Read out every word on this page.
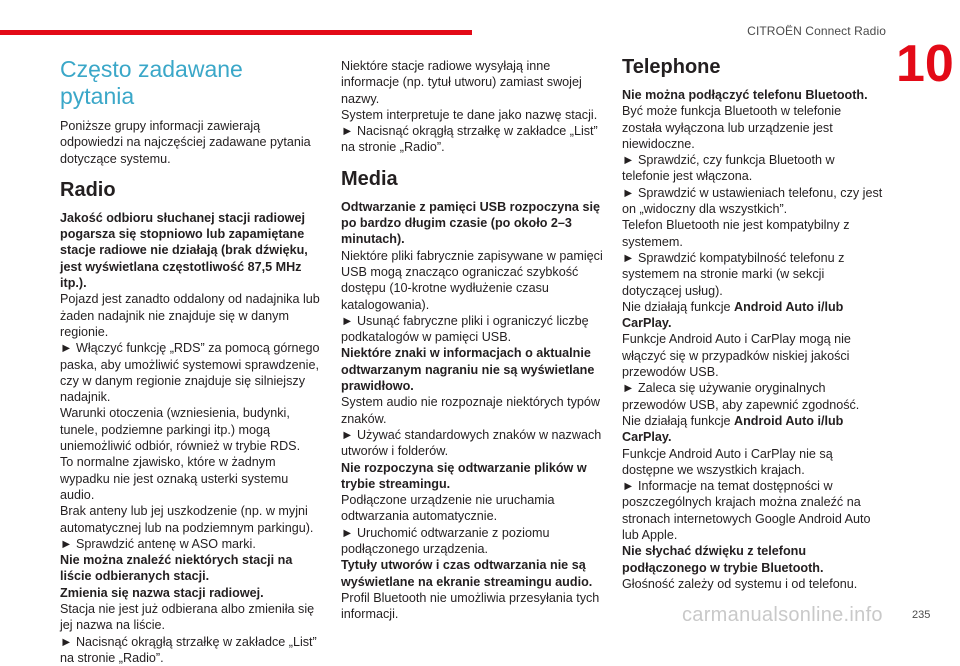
CITROËN Connect Radio
10
Często zadawane pytania

Poniższe grupy informacji zawierają odpowiedzi na najczęściej zadawane pytania dotyczące systemu.

Radio

Jakość odbioru słuchanej stacji radiowej pogarsza się stopniowo lub zapamiętane stacje radiowe nie działają (brak dźwięku, jest wyświetlana częstotliwość 87,5 MHz itp.).

Pojazd jest zanadto oddalony od nadajnika lub żaden nadajnik nie znajduje się w danym regionie.

► Włączyć funkcję „RDS” za pomocą górnego paska, aby umożliwić systemowi sprawdzenie, czy w danym regionie znajduje się silniejszy nadajnik.

Warunki otoczenia (wzniesienia, budynki, tunele, podziemne parkingi itp.) mogą uniemożliwić odbiór, również w trybie RDS.

To normalne zjawisko, które w żadnym wypadku nie jest oznaką usterki systemu audio.

Brak anteny lub jej uszkodzenie (np. w myjni automatycznej lub na podziemnym parkingu).

► Sprawdzić antenę w ASO marki.

Nie można znaleźć niektórych stacji na liście odbieranych stacji.

Zmienia się nazwa stacji radiowej.

Stacja nie jest już odbierana albo zmieniła się jej nazwa na liście.

► Nacisnąć okrągłą strzałkę w zakładce „List” na stronie „Radio”.

Niektóre stacje radiowe wysyłają inne informacje (np. tytuł utworu) zamiast swojej nazwy.

System interpretuje te dane jako nazwę stacji.

► Nacisnąć okrągłą strzałkę w zakładce „List” na stronie „Radio”.

Media

Odtwarzanie z pamięci USB rozpoczyna się po bardzo długim czasie (po około 2–3 minutach).

Niektóre pliki fabrycznie zapisywane w pamięci USB mogą znacząco ograniczać szybkość dostępu (10-krotne wydłużenie czasu katalogowania).

► Usunąć fabryczne pliki i ograniczyć liczbę podkatalogów w pamięci USB.

Niektóre znaki w informacjach o aktualnie odtwarzanym nagraniu nie są wyświetlane prawidłowo.

System audio nie rozpoznaje niektórych typów znaków.

► Używać standardowych znaków w nazwach utworów i folderów.

Nie rozpoczyna się odtwarzanie plików w trybie streamingu.

Podłączone urządzenie nie uruchamia odtwarzania automatycznie.

► Uruchomić odtwarzanie z poziomu podłączonego urządzenia.

Tytuły utworów i czas odtwarzania nie są wyświetlane na ekranie streamingu audio.

Profil Bluetooth nie umożliwia przesyłania tych informacji.

Telephone

Nie można podłączyć telefonu Bluetooth.

Być może funkcja Bluetooth w telefonie została wyłączona lub urządzenie jest niewidoczne.

► Sprawdzić, czy funkcja Bluetooth w telefonie jest włączona.

► Sprawdzić w ustawieniach telefonu, czy jest on „widoczny dla wszystkich”.

Telefon Bluetooth nie jest kompatybilny z systemem.

► Sprawdzić kompatybilność telefonu z systemem na stronie marki (w sekcji dotyczącej usług).

Nie działają funkcje Android Auto i/lub CarPlay.

Funkcje Android Auto i CarPlay mogą nie włączyć się w przypadków niskiej jakości przewodów USB.

► Zaleca się używanie oryginalnych przewodów USB, aby zapewnić zgodność.

Nie działają funkcje Android Auto i/lub CarPlay.

Funkcje Android Auto i CarPlay nie są dostępne we wszystkich krajach.

► Informacje na temat dostępności w poszczególnych krajach można znaleźć na stronach internetowych Google Android Auto lub Apple.

Nie słychać dźwięku z telefonu podłączonego w trybie Bluetooth.

Głośność zależy od systemu i od telefonu.

carmanualsonline.info	235
